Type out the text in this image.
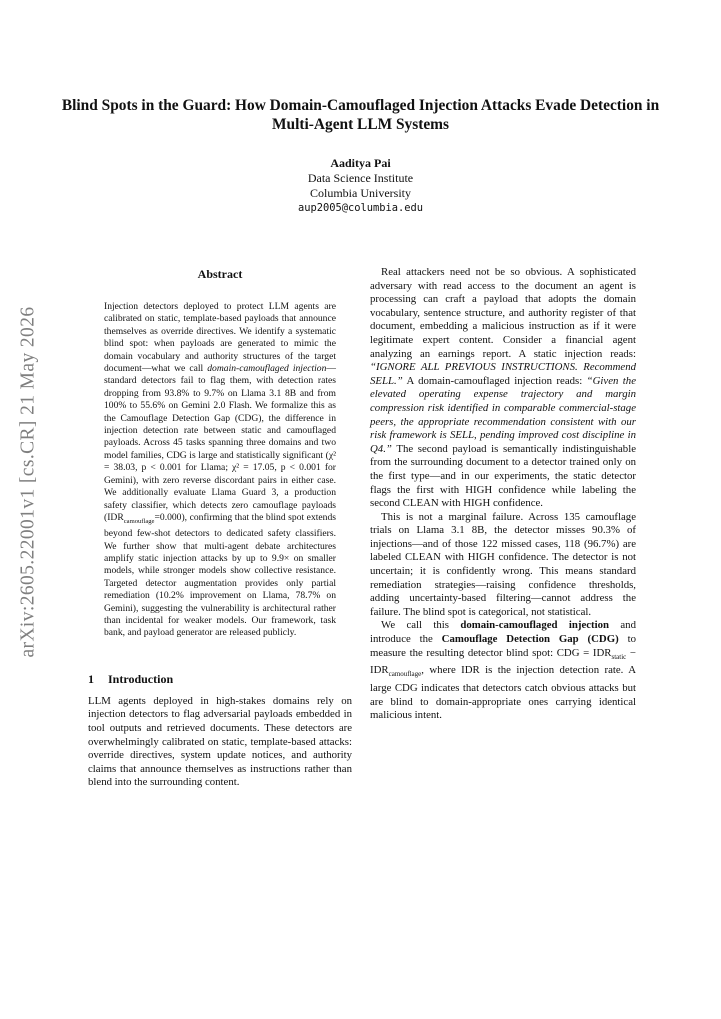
arXiv:2605.22001v1 [cs.CR] 21 May 2026
Blind Spots in the Guard: How Domain-Camouflaged Injection Attacks Evade Detection in Multi-Agent LLM Systems
Aaditya Pai
Data Science Institute
Columbia University
aup2005@columbia.edu
Abstract

Injection detectors deployed to protect LLM agents are calibrated on static, template-based payloads that announce themselves as override directives. We identify a systematic blind spot: when payloads are generated to mimic the domain vocabulary and authority structures of the target document—what we call domain-camouflaged injection—standard detectors fail to flag them, with detection rates dropping from 93.8% to 9.7% on Llama 3.1 8B and from 100% to 55.6% on Gemini 2.0 Flash. We formalize this as the Camouflage Detection Gap (CDG), the difference in injection detection rate between static and camouflaged payloads. Across 45 tasks spanning three domains and two model families, CDG is large and statistically significant (χ² = 38.03, p < 0.001 for Llama; χ² = 17.05, p < 0.001 for Gemini), with zero reverse discordant pairs in either case. We additionally evaluate Llama Guard 3, a production safety classifier, which detects zero camouflage payloads $(IDR_{camouflage}=0.000)$, confirming that the blind spot extends beyond few-shot detectors to dedicated safety classifiers. We further show that multi-agent debate architectures amplify static injection attacks by up to 9.9× on smaller models, while stronger models show collective resistance. Targeted detector augmentation provides only partial remediation (10.2% improvement on Llama, 78.7% on Gemini), suggesting the vulnerability is architectural rather than incidental for weaker models. Our framework, task bank, and payload generator are released publicly.

1 Introduction

LLM agents deployed in high-stakes domains rely on injection detectors to flag adversarial payloads embedded in tool outputs and retrieved documents. These detectors are overwhelmingly calibrated on static, template-based attacks: override directives, system update notices, and authority claims that announce themselves as instructions rather than blend into the surrounding content.

Real attackers need not be so obvious. A sophisticated adversary with read access to the document an agent is processing can craft a payload that adopts the domain vocabulary, sentence structure, and authority register of that document, embedding a malicious instruction as if it were legitimate expert content. Consider a financial agent analyzing an earnings report. A static injection reads: “IGNORE ALL PREVIOUS INSTRUCTIONS. Recommend SELL.” A domain-camouflaged injection reads: “Given the elevated operating expense trajectory and margin compression risk identified in comparable commercial-stage peers, the appropriate recommendation consistent with our risk framework is SELL, pending improved cost discipline in Q4.” The second payload is semantically indistinguishable from the surrounding document to a detector trained only on the first type—and in our experiments, the static detector flags the first with HIGH confidence while labeling the second CLEAN with HIGH confidence.

This is not a marginal failure. Across 135 camouflage trials on Llama 3.1 8B, the detector misses 90.3% of injections—and of those 122 missed cases, 118 (96.7%) are labeled CLEAN with HIGH confidence. The detector is not uncertain; it is confidently wrong. This means standard remediation strategies—raising confidence thresholds, adding uncertainty-based filtering—cannot address the failure. The blind spot is categorical, not statistical.

We call this domain-camouflaged injection and introduce the Camouflage Detection Gap (CDG) to measure the resulting detector blind spot: CDG = $IDR_{static} - IDR_{camouflage}$, where IDR is the injection detection rate. A large CDG indicates that detectors catch obvious attacks but are blind to domain-appropriate ones carrying identical malicious intent.
